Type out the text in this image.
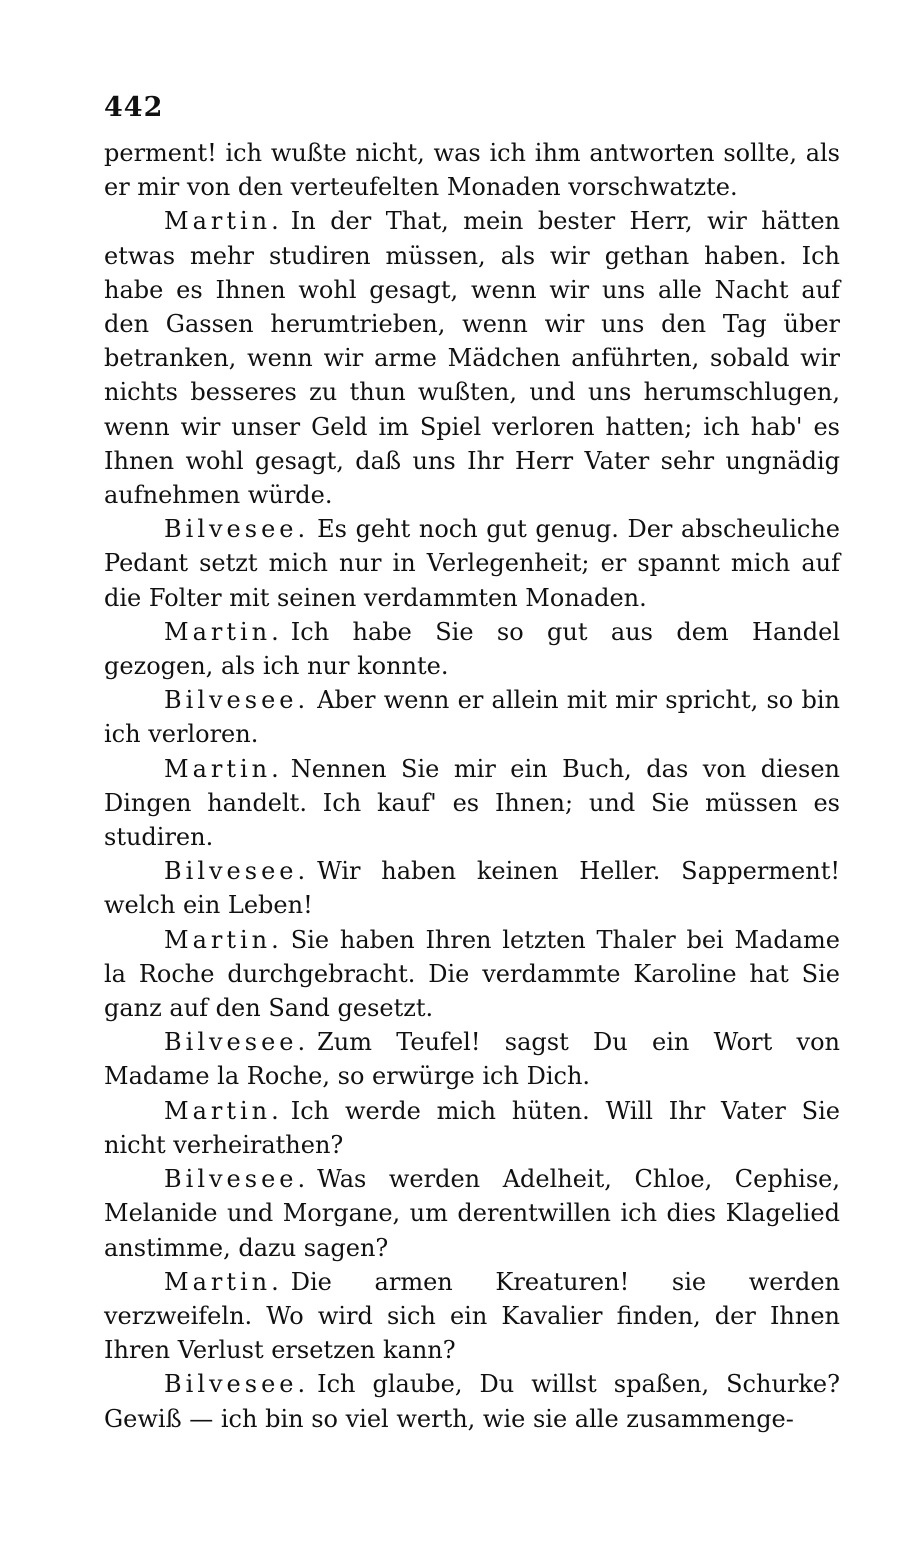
442

perment! ich wußte nicht, was ich ihm antworten sollte, als er mir von den verteufelten Monaden vorschwatzte.

Martin. In der That, mein bester Herr, wir hätten etwas mehr studiren müssen, als wir gethan haben. Ich habe es Ihnen wohl gesagt, wenn wir uns alle Nacht auf den Gassen herumtrieben, wenn wir uns den Tag über betranken, wenn wir arme Mädchen anführten, sobald wir nichts besseres zu thun wußten, und uns herumschlugen, wenn wir unser Geld im Spiel verloren hatten; ich hab' es Ihnen wohl gesagt, daß uns Ihr Herr Vater sehr ungnädig aufnehmen würde.

Bilvesee. Es geht noch gut genug. Der abscheuliche Pedant setzt mich nur in Verlegenheit; er spannt mich auf die Folter mit seinen verdammten Monaden.

Martin. Ich habe Sie so gut aus dem Handel gezogen, als ich nur konnte.

Bilvesee. Aber wenn er allein mit mir spricht, so bin ich verloren.

Martin. Nennen Sie mir ein Buch, das von diesen Dingen handelt. Ich kauf' es Ihnen; und Sie müssen es studiren.

Bilvesee. Wir haben keinen Heller. Sapperment! welch ein Leben!

Martin. Sie haben Ihren letzten Thaler bei Madame la Roche durchgebracht. Die verdammte Karoline hat Sie ganz auf den Sand gesetzt.

Bilvesee. Zum Teufel! sagst Du ein Wort von Madame la Roche, so erwürge ich Dich.

Martin. Ich werde mich hüten. Will Ihr Vater Sie nicht verheirathen?

Bilvesee. Was werden Adelheit, Chloe, Cephise, Melanide und Morgane, um derentwillen ich dies Klagelied anstimme, dazu sagen?

Martin. Die armen Kreaturen! sie werden verzweifeln. Wo wird sich ein Kavalier finden, der Ihnen Ihren Verlust ersetzen kann?

Bilvesee. Ich glaube, Du willst spaßen, Schurke? Gewiß — ich bin so viel werth, wie sie alle zusammenge-
